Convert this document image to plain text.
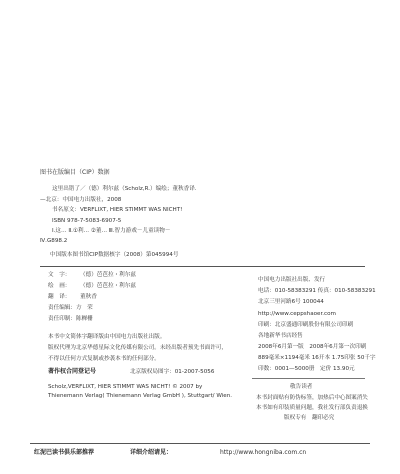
图书在版编目（CIP）数据
这里出错了／（德）利尔兹（Scholz,R.）编绘；董秋香译.
—北京：中国电力出版社，2008
书名原文：VERFLIXT, HIER STIMMT WAS NICHT!
ISBN 978-7-5083-6907-5
Ⅰ.这… Ⅱ.①利… ②董… Ⅲ.智力游戏－儿童读物－
Ⅳ.G898.2
中国版本图书馆CIP数据核字（2008）第045994号
文　字： （德）芭芭拉・利尔兹
绘　画： （德）芭芭拉・利尔兹
翻　译： 董秋香
责任编辑：方　荣
责任印制：陈樨栅
本书中文简体字翻译版由中国电力出版社出版。
版权代理为北京华德星际文化传媒有限公司。未经出版者预先书面许可，
不得以任何方式复制或抄袭本书的任何部分。
著作权合同登记号	北京版权局图字：01-2007-5056
Scholz,VERFLIXT, HIER STIMMT WAS NICHT! © 2007 by
Thienemann Verlag( Thienemann Verlag GmbH ), Stuttgart/ Wien.
中国电力出版社出版、发行
电话：010-58383291 传真：010-58383291
北京三里河路6号 100044
http://www.ceppshaoer.com
印刷：北京盛通印刷股份有限公司印刷
各地新华书店经售
2008年6月第一版　2008年6月第一次印刷
889毫米×1194毫米 16开本 1.75印张 50千字
印数：0001—5000册　定价 13.90元
敬告读者
本书封面贴有防伪标签，加热后中心图案消失
本书如有印装质量问题，我社发行部负责退换
版权专有　翻印必究
红泥巴读书俱乐部推荐	详细介绍请见：	http://www.hongniba.com.cn
